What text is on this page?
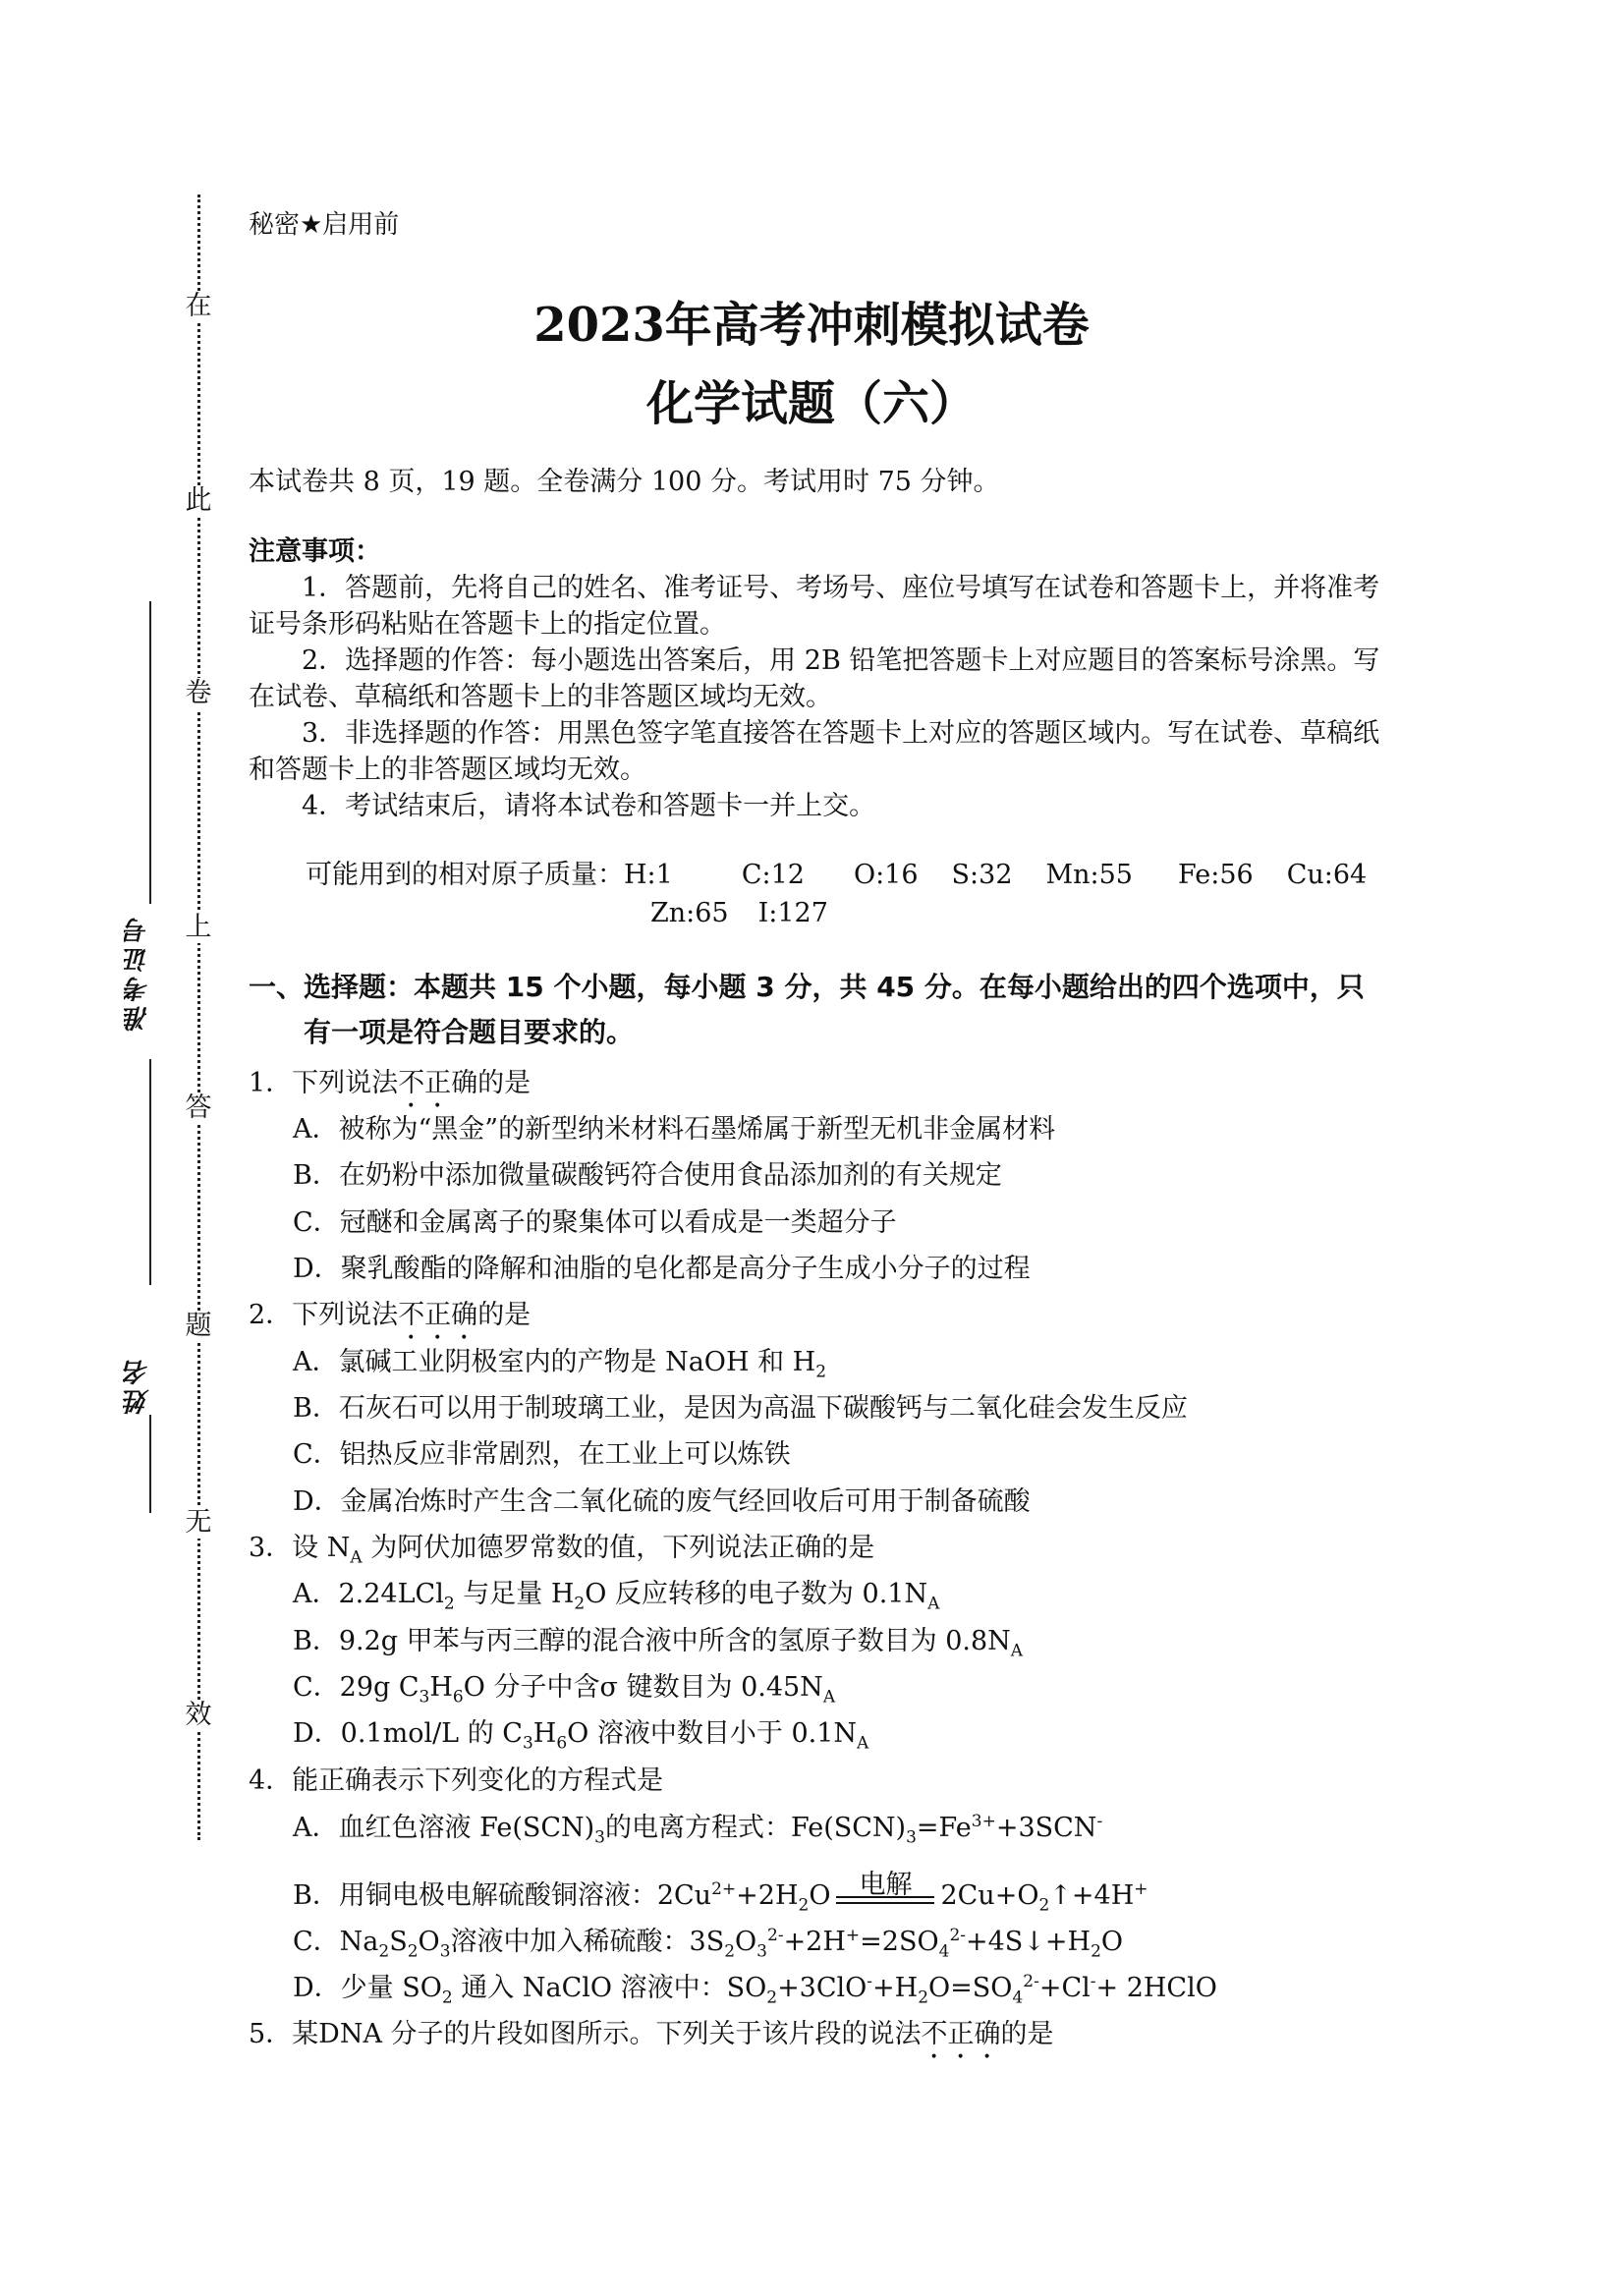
在
此
卷
上
答
题
无
效
准考证号
姓名
秘密★启用前
2023年高考冲刺模拟试卷
化学试题（六）
本试卷共 8 页，19 题。全卷满分 100 分。考试用时 75 分钟。
注意事项：
1．答题前，先将自己的姓名、准考证号、考场号、座位号填写在试卷和答题卡上，并将准考证号条形码粘贴在答题卡上的指定位置。
2．选择题的作答：每小题选出答案后，用 2B 铅笔把答题卡上对应题目的答案标号涂黑。写在试卷、草稿纸和答题卡上的非答题区域均无效。
3．非选择题的作答：用黑色签字笔直接答在答题卡上对应的答题区域内。写在试卷、草稿纸和答题卡上的非答题区域均无效。
4．考试结束后，请将本试卷和答题卡一并上交。
可能用到的相对原子质量：H:1	C:12 O:16 S:32 Mn:55 Fe:56 Cu:64
Zn:65 I:127
一、选择题：本题共 15 个小题，每小题 3 分，共 45 分。在每小题给出的四个选项中，只
有一项是符合题目要求的。
1．下列说法不正确的是
A．被称为“黑金”的新型纳米材料石墨烯属于新型无机非金属材料
B．在奶粉中添加微量碳酸钙符合使用食品添加剂的有关规定
C．冠醚和金属离子的聚集体可以看成是一类超分子
D．聚乳酸酯的降解和油脂的皂化都是高分子生成小分子的过程
2．下列说法不正确的是
A．氯碱工业阴极室内的产物是 NaOH 和 $H_2$
B．石灰石可以用于制玻璃工业，是因为高温下碳酸钙与二氧化硅会发生反应
C．铝热反应非常剧烈，在工业上可以炼铁
D．金属冶炼时产生含二氧化硫的废气经回收后可用于制备硫酸
3．设 $N_A$ 为阿伏加德罗常数的值，下列说法正确的是
A．2.24LCl$_2$ 与足量 $H_2O$ 反应转移的电子数为 $0.1N_A$
B．9.2g 甲苯与丙三醇的混合液中所含的氢原子数目为 $0.8N_A$
C．29g $C_3H_6O$ 分子中含σ 键数目为 $0.45N_A$
D．0.1mol/L 的 $C_3H_6O$ 溶液中数目小于 $0.1N_A$
4．能正确表示下列变化的方程式是
A．血红色溶液 $Fe(SCN)_3$的电离方程式：$Fe(SCN)_3=Fe^{3+}+3SCN^-$
B．用铜电极电解硫酸铜溶液：$2Cu^{2+}+2H_2O$	电解	$2Cu+O_2↑+4H^+$
C．$Na_2S_2O_3$溶液中加入稀硫酸：$3S_2O_3^{2-}+2H^+=2SO_4^{2-}+4S↓+H_2O$
D．少量 $SO_2$ 通入 NaClO 溶液中：$SO_2+3ClO^-+H_2O=SO_4^{2-}+Cl^-+$ 2HClO
5．某DNA 分子的片段如图所示。下列关于该片段的说法不正确的是
